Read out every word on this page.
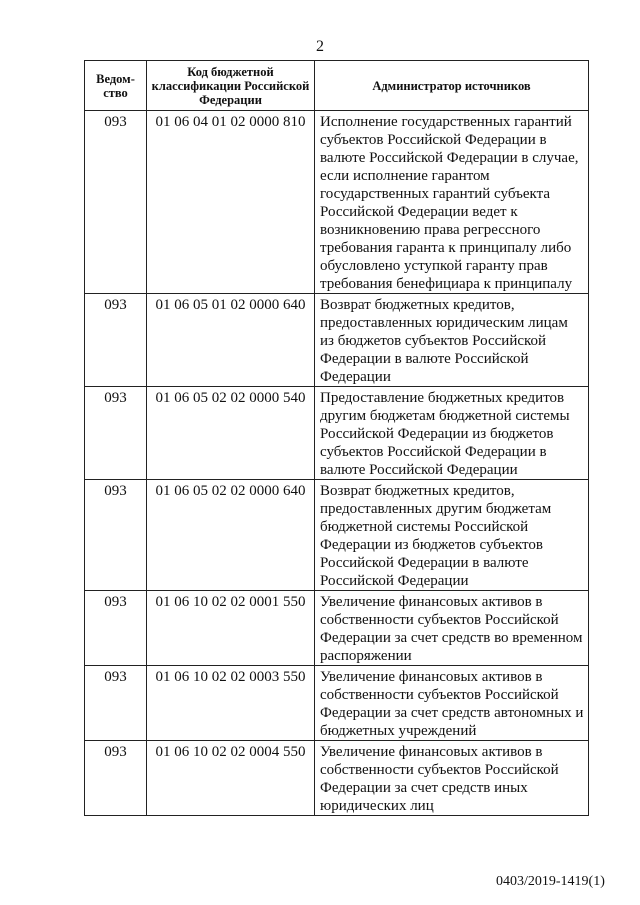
2
Ведом-ство	Код бюджетной классификации Российской Федерации	Администратор источников
093	01 06 04 01 02 0000 810	Исполнение государственных гарантий субъектов Российской Федерации в валюте Российской Федерации в случае, если исполнение гарантом государственных гарантий субъекта Российской Федерации ведет к возникновению права регрессного требования гаранта к принципалу либо обусловлено уступкой гаранту прав требования бенефициара к принципалу
093	01 06 05 01 02 0000 640	Возврат бюджетных кредитов, предоставленных юридическим лицам из бюджетов субъектов Российской Федерации в валюте Российской Федерации
093	01 06 05 02 02 0000 540	Предоставление бюджетных кредитов другим бюджетам бюджетной системы Российской Федерации из бюджетов субъектов Российской Федерации в валюте Российской Федерации
093	01 06 05 02 02 0000 640	Возврат бюджетных кредитов, предоставленных другим бюджетам бюджетной системы Российской Федерации из бюджетов субъектов Российской Федерации в валюте Российской Федерации
093	01 06 10 02 02 0001 550	Увеличение финансовых активов в собственности субъектов Российской Федерации за счет средств во временном распоряжении
093	01 06 10 02 02 0003 550	Увеличение финансовых активов в собственности субъектов Российской Федерации за счет средств автономных и бюджетных учреждений
093	01 06 10 02 02 0004 550	Увеличение финансовых активов в собственности субъектов Российской Федерации за счет средств иных юридических лиц
0403/2019-1419(1)
